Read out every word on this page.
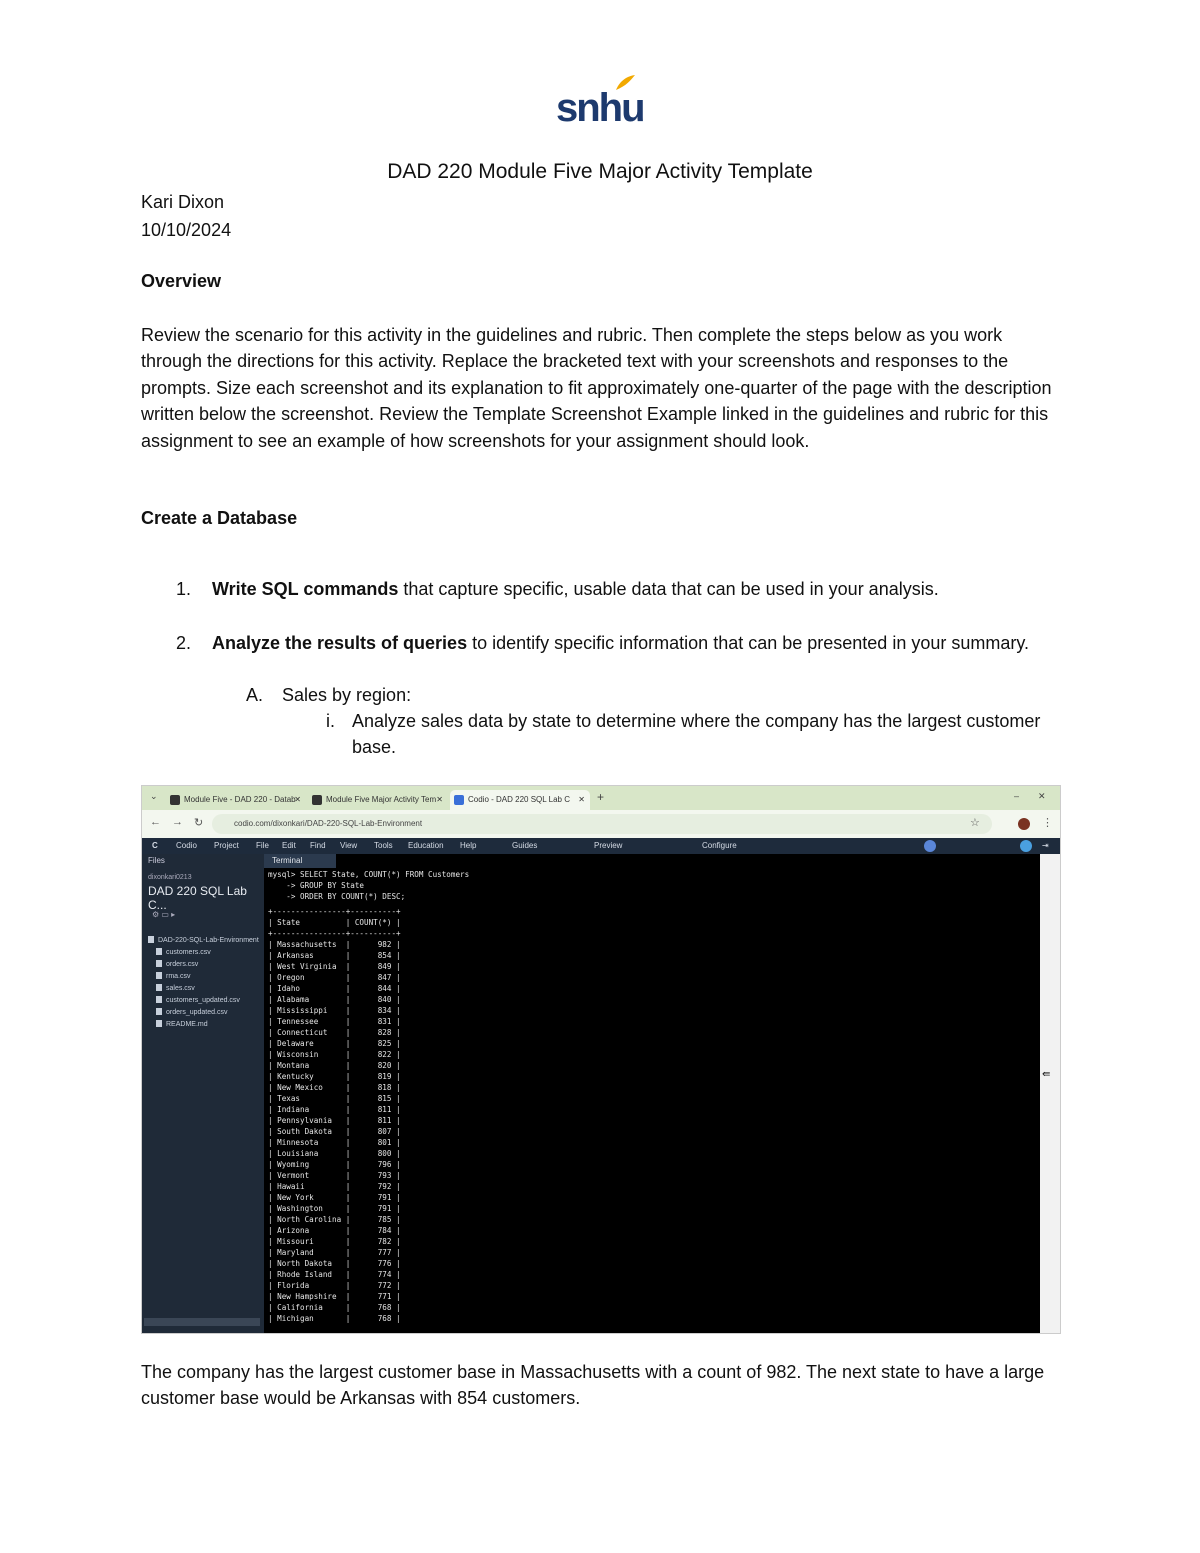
snhu
DAD 220 Module Five Major Activity Template
Kari Dixon
10/10/2024
Overview
Review the scenario for this activity in the guidelines and rubric. Then complete the steps below as you work through the directions for this activity. Replace the bracketed text with your screenshots and responses to the prompts. Size each screenshot and its explanation to fit approximately one-quarter of the page with the description written below the screenshot. Review the Template Screenshot Example linked in the guidelines and rubric for this assignment to see an example of how screenshots for your assignment should look.
Create a Database
1. Write SQL commands that capture specific, usable data that can be used in your analysis.
2. Analyze the results of queries to identify specific information that can be presented in your summary.
A. Sales by region:
i. Analyze sales data by state to determine where the company has the largest customer base.
⌄	Module Five - DAD 220 - Datab
✕	Module Five Major Activity Tem ✕	Codio - DAD 220 SQL Lab C ✕ +	– ✕
← → ↻	codio.com/dixonkari/DAD-220-SQL-Lab-Environment	☆	⋮
C Codio Project File Edit Find View Tools Education Help	Guides	Preview	Configure	⇥
Files
dixonkari0213
DAD 220 SQL Lab C...
⚙ ▭ ▸
DAD-220-SQL-Lab-Environment
customers.csv
orders.csv
rma.csv
sales.csv
customers_updated.csv
orders_updated.csv
README.md
Terminal
mysql> SELECT State, COUNT(*) FROM Customers
-> GROUP BY State
-> ORDER BY COUNT(*) DESC;
+----------------+----------+
| State          | COUNT(*) |
+----------------+----------+
| Massachusetts  |      982 |
| Arkansas       |      854 |
| West Virginia  |      849 |
| Oregon         |      847 |
| Idaho          |      844 |
| Alabama        |      840 |
| Mississippi    |      834 |
| Tennessee      |      831 |
| Connecticut    |      828 |
| Delaware       |      825 |
| Wisconsin      |      822 |
| Montana        |      820 |
| Kentucky       |      819 |
| New Mexico     |      818 |
| Texas          |      815 |
| Indiana        |      811 |
| Pennsylvania   |      811 |
| South Dakota   |      807 |
| Minnesota      |      801 |
| Louisiana      |      800 |
| Wyoming        |      796 |
| Vermont        |      793 |
| Hawaii         |      792 |
| New York       |      791 |
| Washington     |      791 |
| North Carolina |      785 |
| Arizona        |      784 |
| Missouri       |      782 |
| Maryland       |      777 |
| North Dakota   |      776 |
| Rhode Island   |      774 |
| Florida        |      772 |
| New Hampshire  |      771 |
| California     |      768 |
| Michigan       |      768 |
⇚
The company has the largest customer base in Massachusetts with a count of 982. The next state to have a large customer base would be Arkansas with 854 customers.
